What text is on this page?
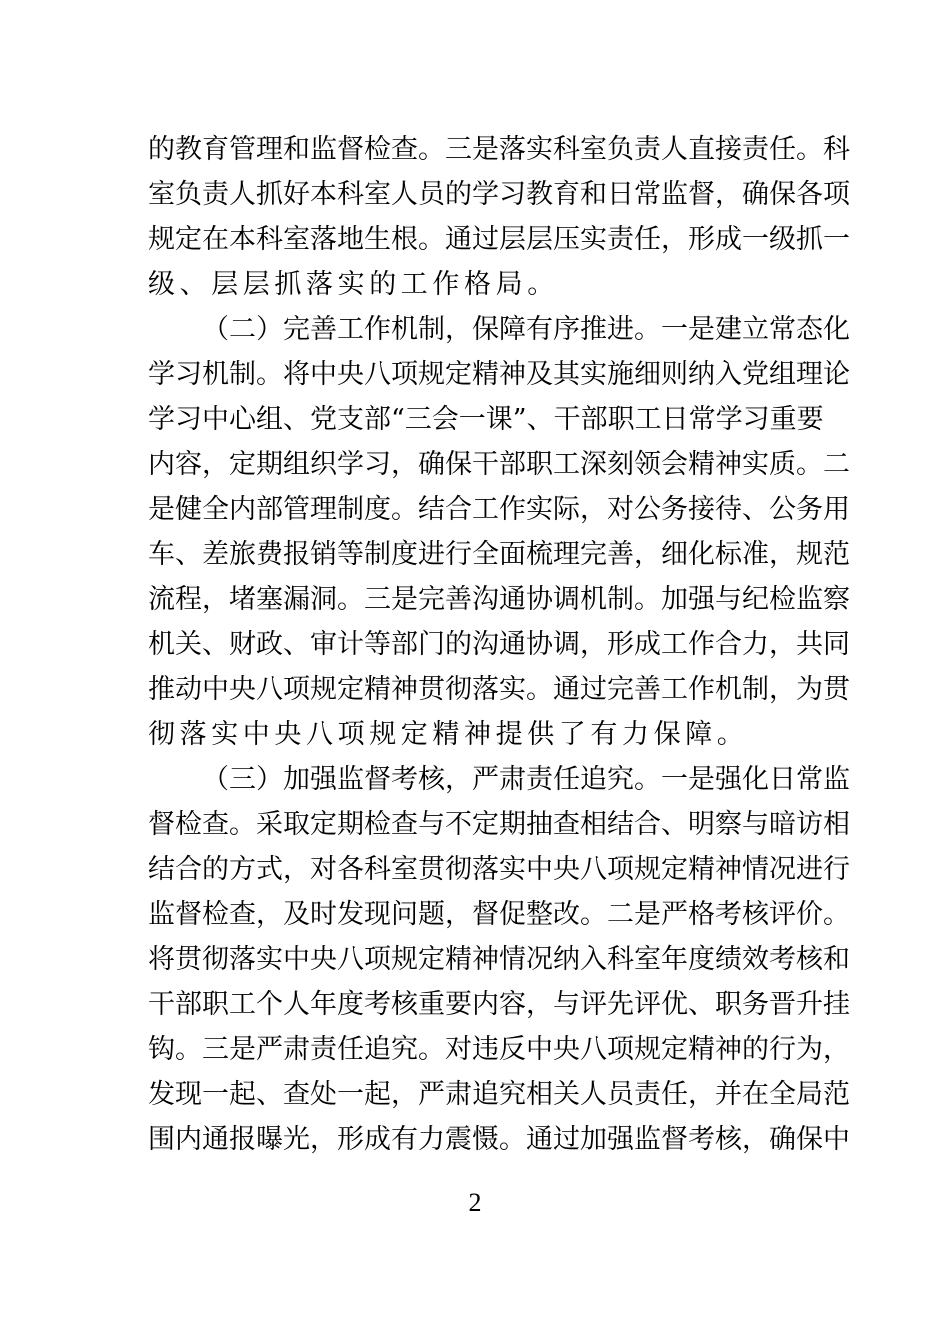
的教育管理和监督检查。三是落实科室负责人直接责任。科
室负责人抓好本科室人员的学习教育和日常监督，确保各项
规定在本科室落地生根。通过层层压实责任，形成一级抓一
级、层层抓落实的工作格局。
（二）完善工作机制，保障有序推进。一是建立常态化
学习机制。将中央八项规定精神及其实施细则纳入党组理论
学习中心组、党支部“三会一课”、干部职工日常学习重要
内容，定期组织学习，确保干部职工深刻领会精神实质。二
是健全内部管理制度。结合工作实际，对公务接待、公务用
车、差旅费报销等制度进行全面梳理完善，细化标准，规范
流程，堵塞漏洞。三是完善沟通协调机制。加强与纪检监察
机关、财政、审计等部门的沟通协调，形成工作合力，共同
推动中央八项规定精神贯彻落实。通过完善工作机制，为贯
彻落实中央八项规定精神提供了有力保障。
（三）加强监督考核，严肃责任追究。一是强化日常监
督检查。采取定期检查与不定期抽查相结合、明察与暗访相
结合的方式，对各科室贯彻落实中央八项规定精神情况进行
监督检查，及时发现问题，督促整改。二是严格考核评价。
将贯彻落实中央八项规定精神情况纳入科室年度绩效考核和
干部职工个人年度考核重要内容，与评先评优、职务晋升挂
钩。三是严肃责任追究。对违反中央八项规定精神的行为，
发现一起、查处一起，严肃追究相关人员责任，并在全局范
围内通报曝光，形成有力震慑。通过加强监督考核，确保中
2
